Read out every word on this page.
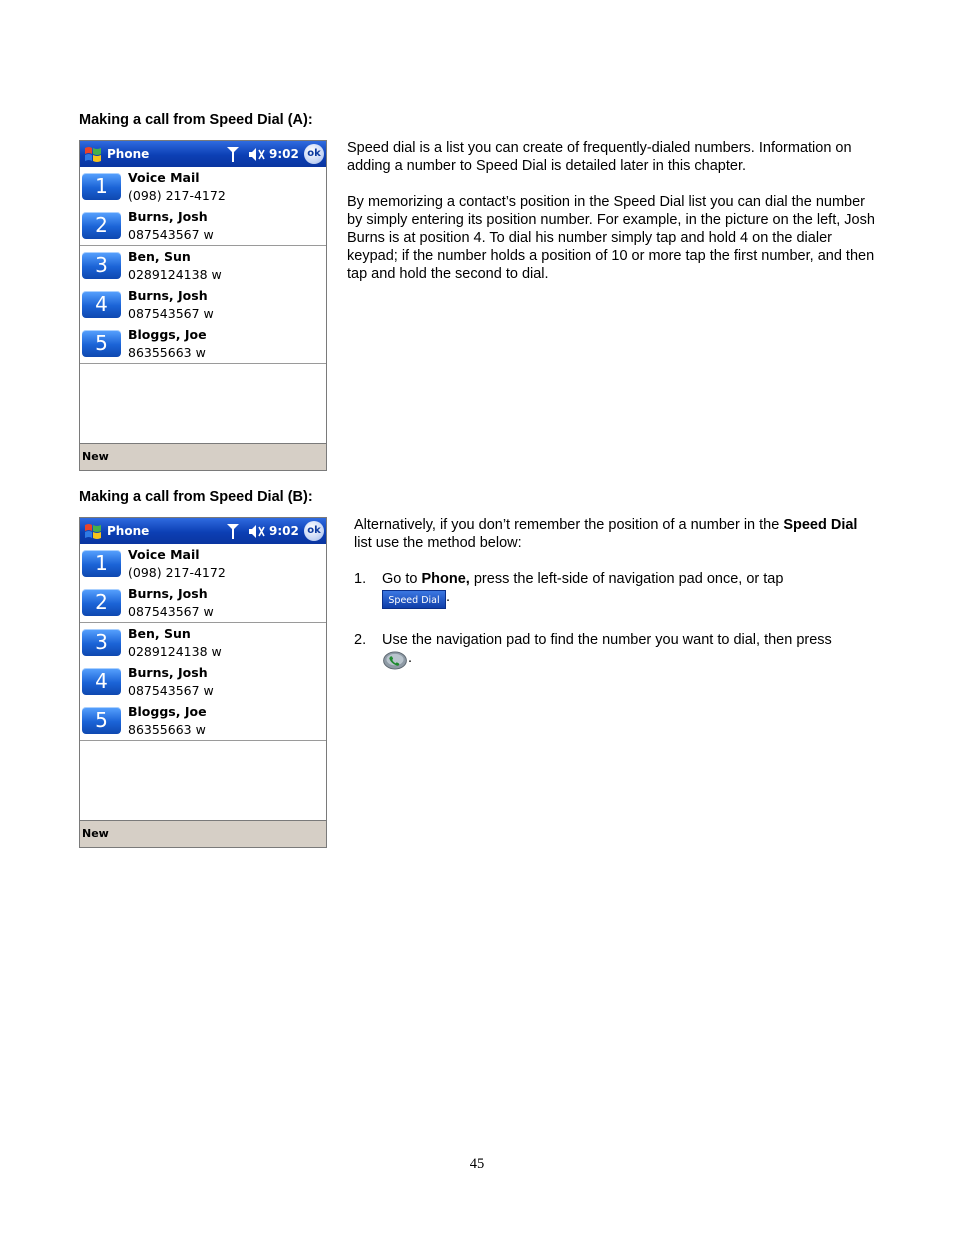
Making a call from Speed Dial (A):

Phone	9:02 ok
1	Voice Mail
(098) 217-4172
2	Burns, Josh
087543567 w
3	Ben, Sun
0289124138 w
4	Burns, Josh
087543567 w
5	Bloggs, Joe
86355663 w
New

Speed dial is a list you can create of frequently-dialed numbers. Information on adding a number to Speed Dial is detailed later in this chapter.

By memorizing a contact’s position in the Speed Dial list you can dial the number by simply entering its position number. For example, in the picture on the left, Josh Burns is at position 4. To dial his number simply tap and hold 4 on the dialer keypad; if the number holds a position of 10 or more tap the first number, and then tap and hold the second to dial.

Making a call from Speed Dial (B):

Phone	9:02 ok
1	Voice Mail
(098) 217-4172
2	Burns, Josh
087543567 w
3	Ben, Sun
0289124138 w
4	Burns, Josh
087543567 w
5	Bloggs, Joe
86355663 w
New

Alternatively, if you don’t remember the position of a number in the Speed Dial list use the method below:

1. Go to Phone, press the left-side of navigation pad once, or tap
Speed Dial .
2. Use the navigation pad to find the number you want to dial, then press
.
45
